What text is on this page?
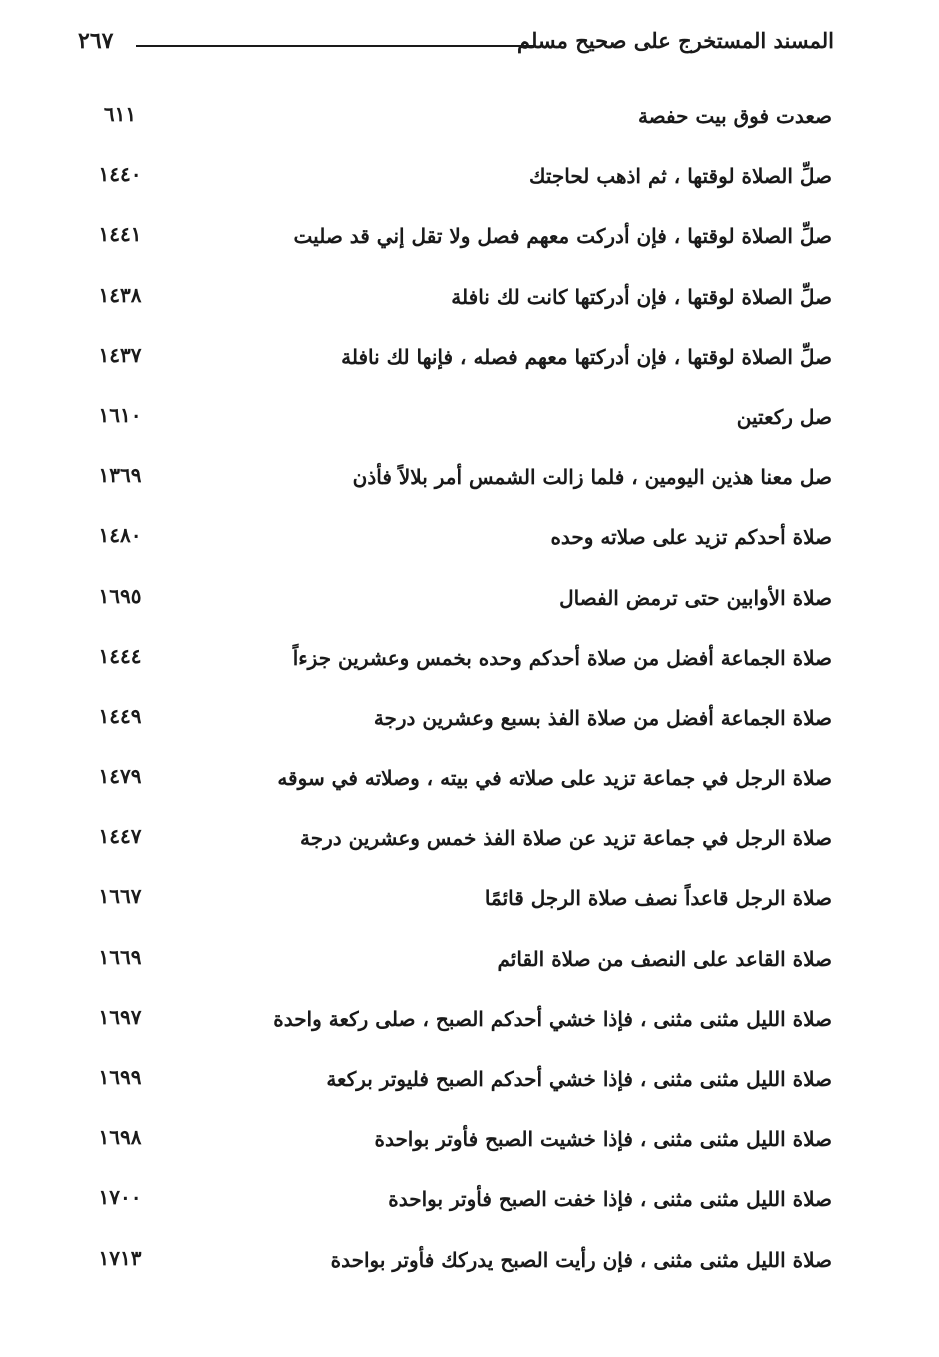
المسند المستخرج على صحيح مسلم
٢٦٧
صعدت فوق بيت حفصة
٦١١
صلِّ الصلاة لوقتها ، ثم اذهب لحاجتك
١٤٤٠
صلِّ الصلاة لوقتها ، فإن أدركت معهم فصل ولا تقل إني قد صليت
١٤٤١
صلِّ الصلاة لوقتها ، فإن أدركتها كانت لك نافلة
١٤٣٨
صلِّ الصلاة لوقتها ، فإن أدركتها معهم فصله ، فإنها لك نافلة
١٤٣٧
صل ركعتين
١٦١٠
صل معنا هذين اليومين ، فلما زالت الشمس أمر بلالاً فأذن
١٣٦٩
صلاة أحدكم تزيد على صلاته وحده
١٤٨٠
صلاة الأوابين حتى ترمض الفصال
١٦٩٥
صلاة الجماعة أفضل من صلاة أحدكم وحده بخمس وعشرين جزءاً
١٤٤٤
صلاة الجماعة أفضل من صلاة الفذ بسبع وعشرين درجة
١٤٤٩
صلاة الرجل في جماعة تزيد على صلاته في بيته ، وصلاته في سوقه
١٤٧٩
صلاة الرجل في جماعة تزيد عن صلاة الفذ خمس وعشرين درجة
١٤٤٧
صلاة الرجل قاعداً نصف صلاة الرجل قائمًا
١٦٦٧
صلاة القاعد على النصف من صلاة القائم
١٦٦٩
صلاة الليل مثنى مثنى ، فإذا خشي أحدكم الصبح ، صلى ركعة واحدة
١٦٩٧
صلاة الليل مثنى مثنى ، فإذا خشي أحدكم الصبح فليوتر بركعة
١٦٩٩
صلاة الليل مثنى مثنى ، فإذا خشيت الصبح فأوتر بواحدة
١٦٩٨
صلاة الليل مثنى مثنى ، فإذا خفت الصبح فأوتر بواحدة
١٧٠٠
صلاة الليل مثنى مثنى ، فإن رأيت الصبح يدركك فأوتر بواحدة
١٧١٣
